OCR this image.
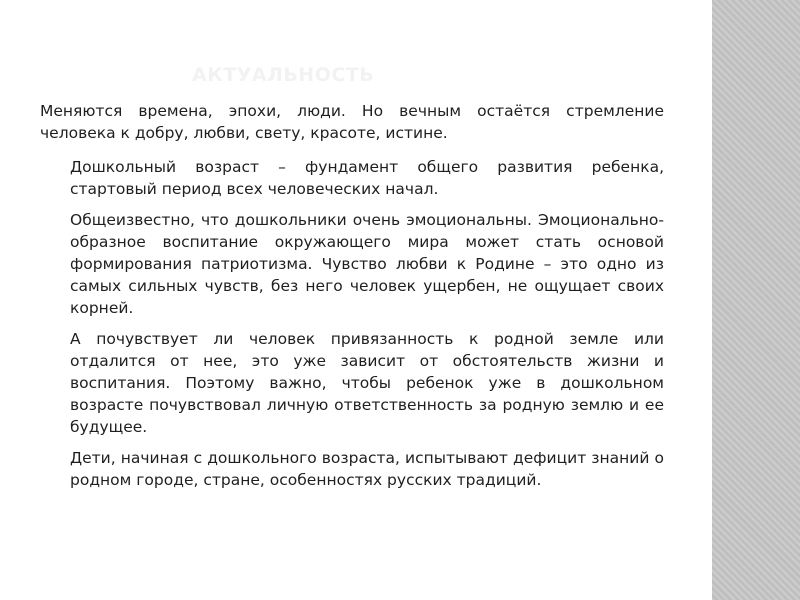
АКТУАЛЬНОСТЬ

Меняются времена, эпохи, люди. Но вечным остаётся стремление человека к добру, любви, свету, красоте, истине.

Дошкольный возраст – фундамент общего развития ребенка, стартовый период всех человеческих начал.
Общеизвестно, что дошкольники очень эмоциональны. Эмоционально-образное воспитание окружающего мира может стать основой формирования патриотизма. Чувство любви к Родине – это одно из самых сильных чувств, без него человек ущербен, не ощущает своих корней.
А почувствует ли человек привязанность к родной земле или отдалится от нее, это уже зависит от обстоятельств жизни и воспитания. Поэтому важно, чтобы ребенок уже в дошкольном возрасте почувствовал личную ответственность за родную землю и ее будущее.
Дети, начиная с дошкольного возраста, испытывают дефицит знаний о родном городе, стране, особенностях русских традиций.
